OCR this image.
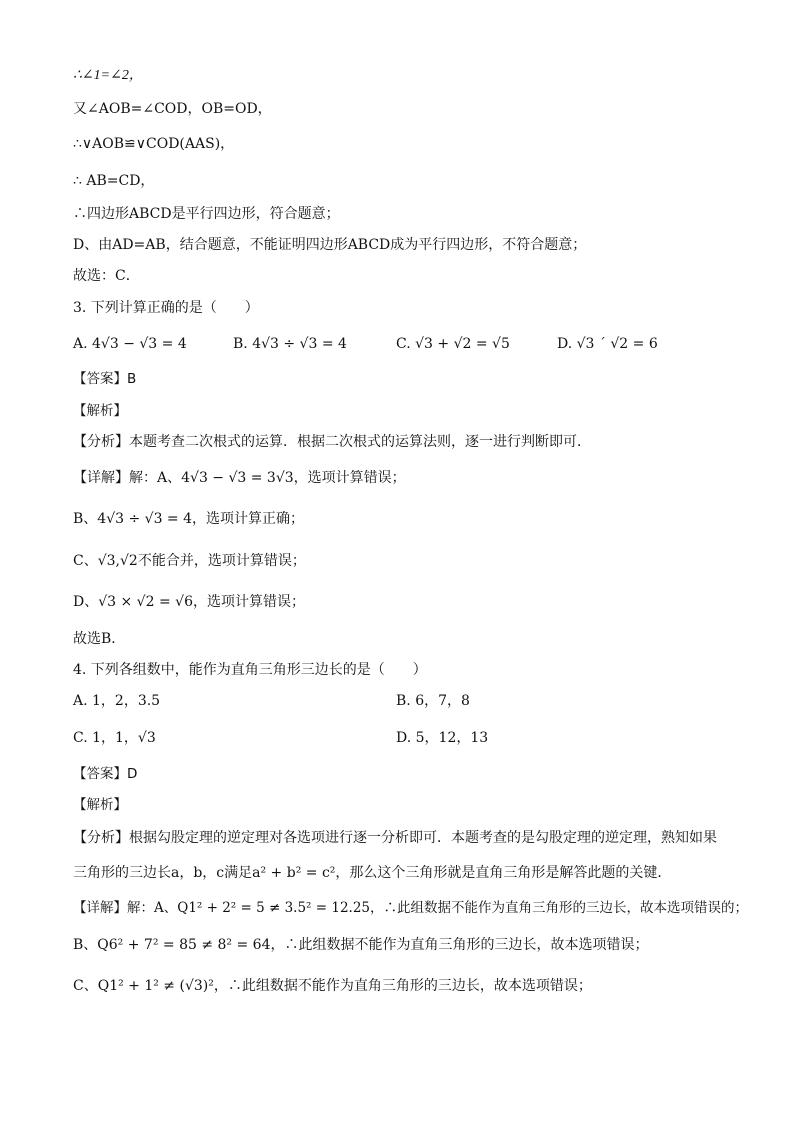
∴∠1=∠2，
又∠AOB=∠COD，OB=OD，
∴∨AOB≌∨COD(AAS)，
∴ AB=CD，
∴四边形ABCD是平行四边形，符合题意；
D、由AD=AB，结合题意，不能证明四边形ABCD成为平行四边形，不符合题意；
故选：C．
3. 下列计算正确的是（　　）
A. 4√3 − √3 = 4	B. 4√3 ÷ √3 = 4	C. √3 + √2 = √5	D. √3 ´ √2 = 6
【答案】B
【解析】
【分析】本题考查二次根式的运算．根据二次根式的运算法则，逐一进行判断即可．
【详解】解：A、4√3 − √3 = 3√3，选项计算错误；
B、4√3 ÷ √3 = 4，选项计算正确；
C、√3,√2不能合并，选项计算错误；
D、√3 × √2 = √6，选项计算错误；
故选B．
4. 下列各组数中，能作为直角三角形三边长的是（　　）
A. 1，2，3.5	B. 6，7，8
C. 1，1，√3	D. 5，12，13
【答案】D
【解析】
【分析】根据勾股定理的逆定理对各选项进行逐一分析即可．本题考查的是勾股定理的逆定理，熟知如果
三角形的三边长a，b，c满足a² + b² = c²，那么这个三角形就是直角三角形是解答此题的关键．
【详解】解：A、Q1² + 2² = 5 ≠ 3.5² = 12.25，∴此组数据不能作为直角三角形的三边长，故本选项错误的；
B、Q6² + 7² = 85 ≠ 8² = 64，∴此组数据不能作为直角三角形的三边长，故本选项错误；
C、Q1² + 1² ≠ (√3)²，∴此组数据不能作为直角三角形的三边长，故本选项错误；
